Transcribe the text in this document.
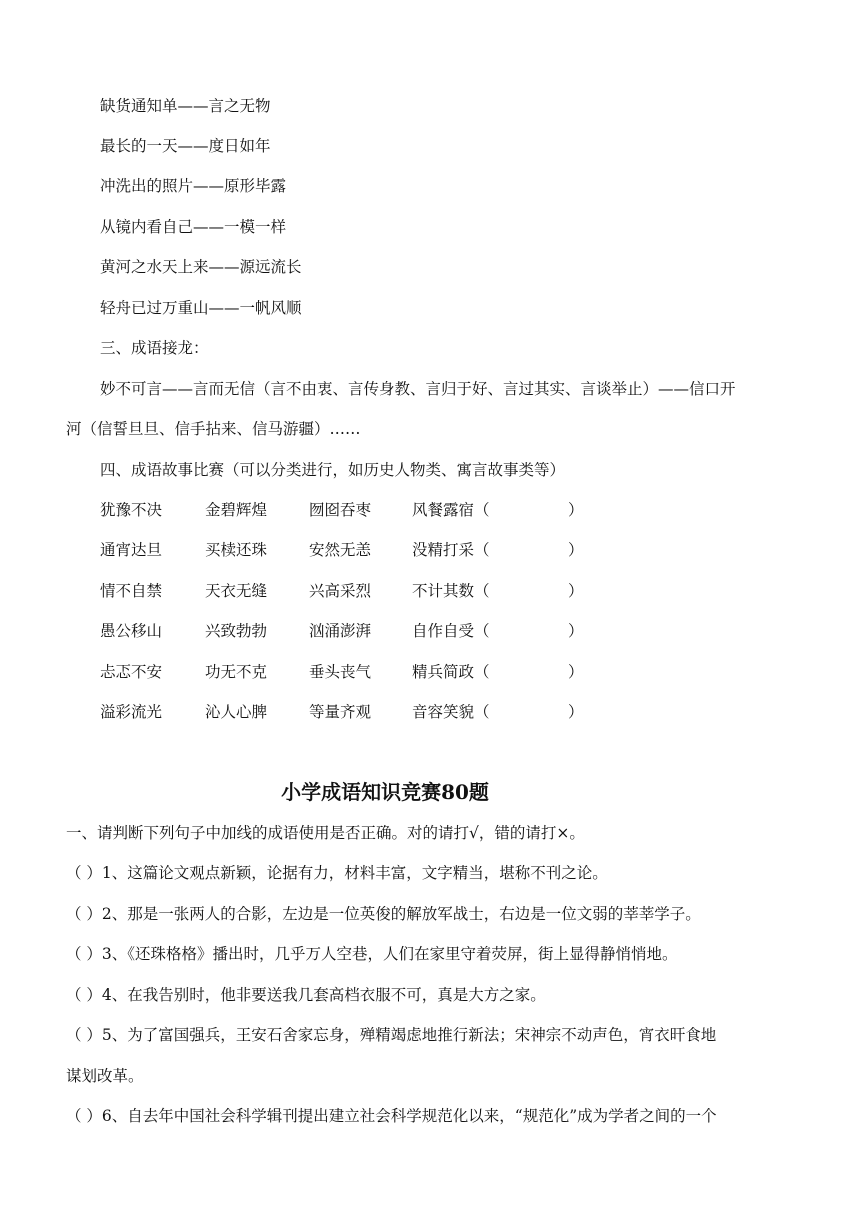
缺货通知单——言之无物
最长的一天——度日如年
冲洗出的照片——原形毕露
从镜内看自己——一模一样
黄河之水天上来——源远流长
轻舟已过万重山——一帆风顺
三、成语接龙：
妙不可言——言而无信（言不由衷、言传身教、言归于好、言过其实、言谈举止）——信口开
河（信誓旦旦、信手拈来、信马游疆）……
四、成语故事比赛（可以分类进行，如历史人物类、寓言故事类等）
犹豫不决	金碧辉煌	囫囵吞枣	风餐露宿（	）
通宵达旦	买椟还珠	安然无恙	没精打采（	）
情不自禁	天衣无缝	兴高采烈	不计其数（	）
愚公移山	兴致勃勃	汹涌澎湃	自作自受（	）
忐忑不安	功无不克	垂头丧气	精兵简政（	）
溢彩流光	沁人心脾	等量齐观	音容笑貌（	）
小学成语知识竞赛80题
一、请判断下列句子中加线的成语使用是否正确。对的请打√，错的请打×。
（ ）1、这篇论文观点新颖，论据有力，材料丰富，文字精当，堪称不刊之论。
（ ）2、那是一张两人的合影，左边是一位英俊的解放军战士，右边是一位文弱的莘莘学子。
（ ）3、《还珠格格》播出时，几乎万人空巷，人们在家里守着荧屏，街上显得静悄悄地。
（ ）4、在我告别时，他非要送我几套高档衣服不可，真是大方之家。
（ ）5、为了富国强兵，王安石舍家忘身，殚精竭虑地推行新法；宋神宗不动声色，宵衣旰食地
谋划改革。
（ ）6、自去年中国社会科学辑刊提出建立社会科学规范化以来，“规范化”成为学者之间的一个
